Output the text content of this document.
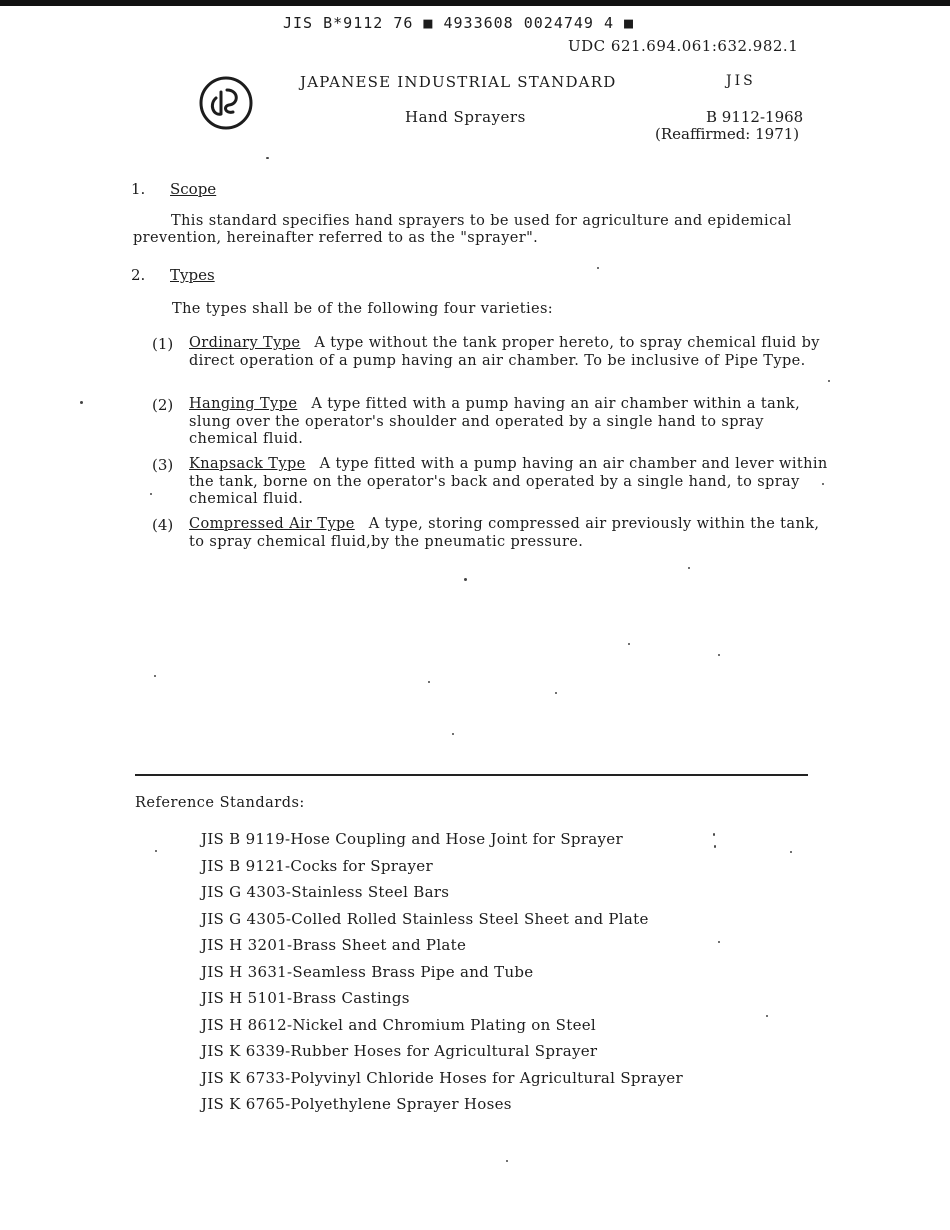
JIS B*9112 76 ■ 4933608 0024749 4 ■
UDC 621.694.061:632.982.1
JAPANESE INDUSTRIAL STANDARD	JIS
Hand Sprayers	B 9112-1968
(Reaffirmed: 1971)
1. Scope
This standard specifies hand sprayers to be used for agriculture and epidemical prevention, hereinafter referred to as the "sprayer".
2. Types
The types shall be of the following four varieties:
(1) Ordinary Type A type without the tank proper hereto, to spray chemical fluid by direct operation of a pump having an air chamber. To be inclusive of Pipe Type.
(2) Hanging Type A type fitted with a pump having an air chamber within a tank, slung over the operator's shoulder and operated by a single hand to spray chemical fluid.
(3) Knapsack Type A type fitted with a pump having an air chamber and lever within the tank, borne on the operator's back and operated by a single hand, to spray chemical fluid.
(4) Compressed Air Type A type, storing compressed air previously within the tank, to spray chemical fluid,by the pneumatic pressure.
Reference Standards:
JIS B 9119-Hose Coupling and Hose Joint for Sprayer
JIS B 9121-Cocks for Sprayer
JIS G 4303-Stainless Steel Bars
JIS G 4305-Colled Rolled Stainless Steel Sheet and Plate
JIS H 3201-Brass Sheet and Plate
JIS H 3631-Seamless Brass Pipe and Tube
JIS H 5101-Brass Castings
JIS H 8612-Nickel and Chromium Plating on Steel
JIS K 6339-Rubber Hoses for Agricultural Sprayer
JIS K 6733-Polyvinyl Chloride Hoses for Agricultural Sprayer
JIS K 6765-Polyethylene Sprayer Hoses
